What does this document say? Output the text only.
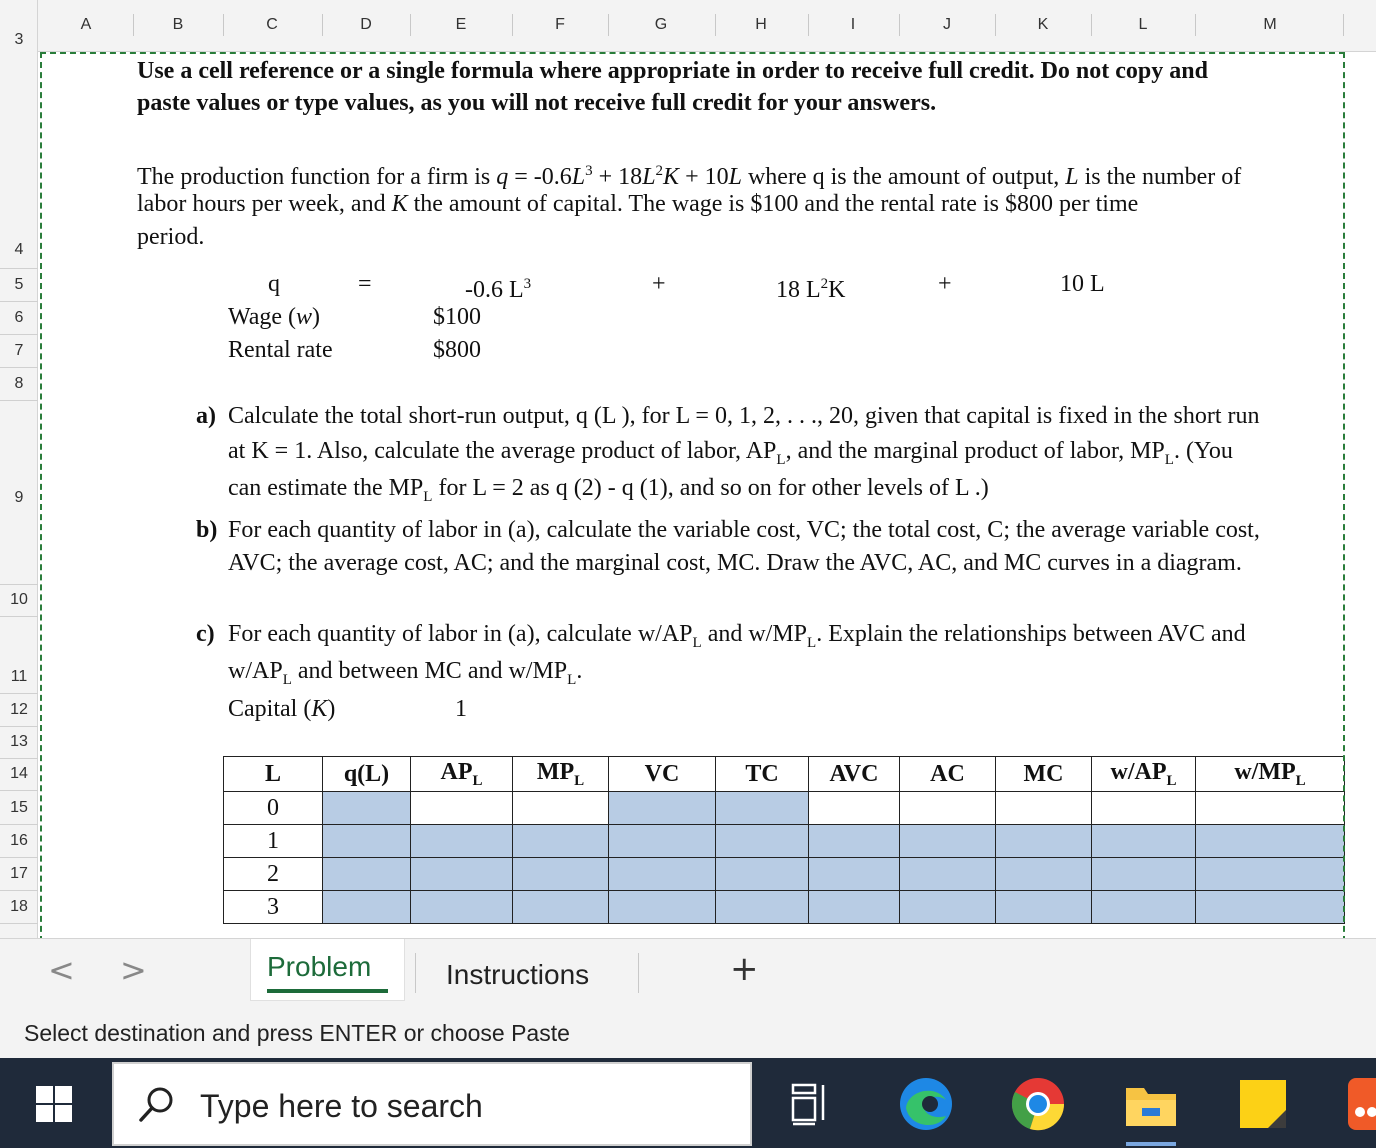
A	B	C	D	E	F	G	H	I	J	K	L	M
3
4
5
6
7
8
9
10
11
12
13
14
15
16
17
18
Use a cell reference or a single formula where appropriate in order to receive full credit. Do not copy and
paste values or type values, as you will not receive full credit for your answers.
The production function for a firm is $q = -0.6L^3 + 18L^2K + 10L$ where q is the amount of output, L is the number of
labor hours per week, and K the amount of capital. The wage is $100 and the rental rate is $800 per time
period.
q	=	-0.6 $L^3$	+	18 $L^2K$	+	10 L
Wage (w)	$100
Rental rate	$800
a) Calculate the total short-run output, q (L ), for L = 0, 1, 2, . . ., 20, given that capital is fixed in the short run
at K = 1. Also, calculate the average product of labor, $AP_L$, and the marginal product of labor, $MP_L$. (You
can estimate the $MP_L$ for L = 2 as q (2) - q (1), and so on for other levels of L .)
b) For each quantity of labor in (a), calculate the variable cost, VC; the total cost, C; the average variable cost,
AVC; the average cost, AC; and the marginal cost, MC. Draw the AVC, AC, and MC curves in a diagram.
c) For each quantity of labor in (a), calculate $w/AP_L$ and $w/MP_L$. Explain the relationships between AVC and
$w/AP_L$ and between MC and $w/MP_L$.
Capital (K)	1
L	q(L)	$AP_L$	$MP_L$	VC	TC	AVC	AC	MC	$w/AP_L$	$w/MP_L$
0										
1										
2										
3										
< >	Problem	Instructions	+
Select destination and press ENTER or choose Paste
Type here to search
